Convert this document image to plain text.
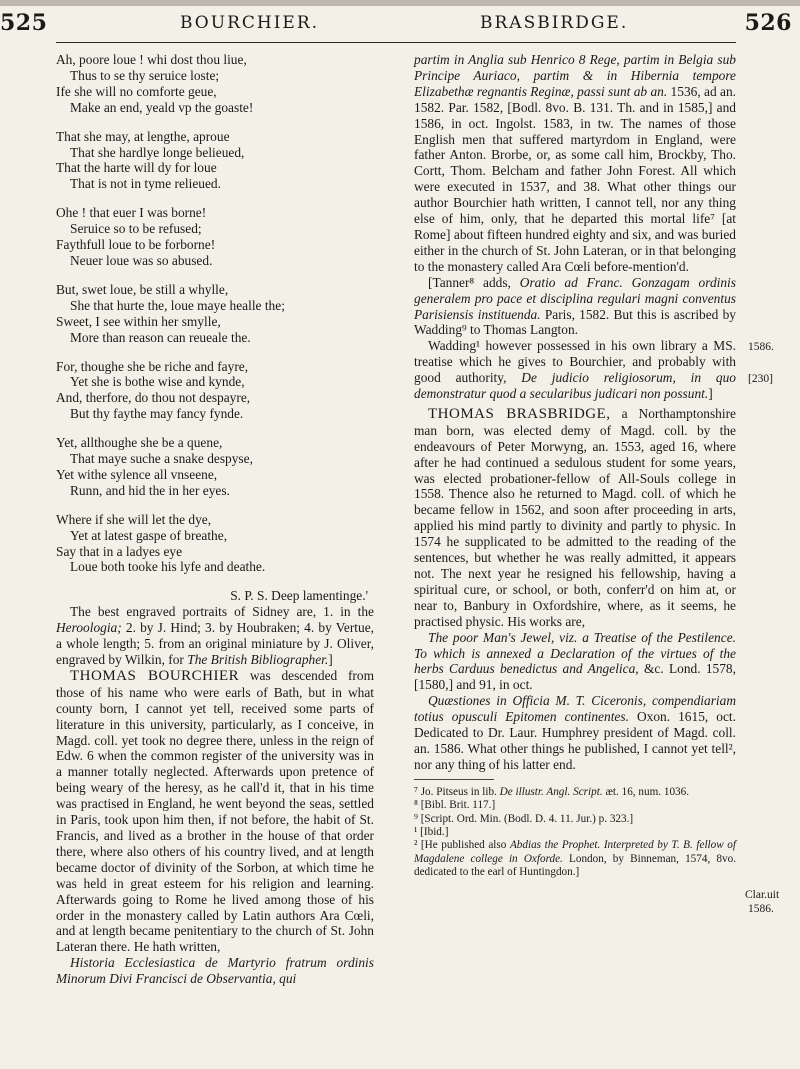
525	BOURCHIER.	BRASBIRDGE.	526

Ah, poore loue ! whi dost thou liue,

Thus to se thy seruice loste;

Ife she will no comforte geue,

Make an end, yeald vp the goaste!

That she may, at lengthe, aproue

That she hardlye longe belieued,

That the harte will dy for loue

That is not in tyme relieued.

Ohe ! that euer I was borne!

Seruice so to be refused;

Faythfull loue to be forborne!

Neuer loue was so abused.

But, swet loue, be still a whylle,

She that hurte the, loue maye healle the;

Sweet, I see within her smylle,

More than reason can reueale the.

For, thoughe she be riche and fayre,

Yet she is bothe wise and kynde,

And, therfore, do thou not despayre,

But thy faythe may fancy fynde.

Yet, allthoughe she be a quene,

That maye suche a snake despyse,

Yet withe sylence all vnseene,

Runn, and hid the in her eyes.

Where if she will let the dye,

Yet at latest gaspe of breathe,

Say that in a ladyes eye

Loue both tooke his lyfe and deathe.

S. P. S. Deep lamentinge.'

The best engraved portraits of Sidney are, 1. in the Heroologia; 2. by J. Hind; 3. by Houbraken; 4. by Vertue, a whole length; 5. from an original miniature by J. Oliver, engraved by Wilkin, for The British Bibliographer.]

THOMAS BOURCHIER was descended from those of his name who were earls of Bath, but in what county born, I cannot yet tell, received some parts of literature in this university, particularly, as I conceive, in Magd. coll. yet took no degree there, unless in the reign of Edw. 6 when the common register of the university was in a manner totally neglected. Afterwards upon pretence of being weary of the heresy, as he call'd it, that in his time was practised in England, he went beyond the seas, settled in Paris, took upon him then, if not before, the habit of St. Francis, and lived as a brother in the house of that order there, where also others of his country lived, and at length became doctor of divinity of the Sorbon, at which time he was held in great esteem for his religion and learning. Afterwards going to Rome he lived among those of his order in the monastery called by Latin authors Ara Cœli, and at length became penitentiary to the church of St. John Lateran there. He hath written,

Historia Ecclesiastica de Martyrio fratrum ordinis Minorum Divi Francisci de Observantia, qui

partim in Anglia sub Henrico 8 Rege, partim in Belgia sub Principe Auriaco, partim & in Hibernia tempore Elizabethæ regnantis Reginæ, passi sunt ab an. 1536, ad an. 1582. Par. 1582, [Bodl. 8vo. B. 131. Th. and in 1585,] and 1586, in oct. Ingolst. 1583, in tw. The names of those English men that suffered martyrdom in England, were father Anton. Brorbe, or, as some call him, Brockby, Tho. Cortt, Thom. Belcham and father John Forest. All which were executed in 1537, and 38. What other things our author Bourchier hath written, I cannot tell, nor any thing else of him, only, that he departed this mortal life⁷ [at Rome] about fifteen hundred eighty and six, and was buried either in the church of St. John Lateran, or in that belonging to the monastery called Ara Cœli before-mention'd.

[Tanner⁸ adds, Oratio ad Franc. Gonzagam ordinis generalem pro pace et disciplina regulari magni conventus Parisiensis instituenda. Paris, 1582. But this is ascribed by Wadding⁹ to Thomas Langton.

Wadding¹ however possessed in his own library a MS. treatise which he gives to Bourchier, and probably with good authority, De judicio religiosorum, in quo demonstratur quod a secularibus judicari non possunt.]

THOMAS BRASBRIDGE, a Northamptonshire man born, was elected demy of Magd. coll. by the endeavours of Peter Morwyng, an. 1553, aged 16, where after he had continued a sedulous student for some years, was elected probationer-fellow of All-Souls college in 1558. Thence also he returned to Magd. coll. of which he became fellow in 1562, and soon after proceeding in arts, applied his mind partly to divinity and partly to physic. In 1574 he supplicated to be admitted to the reading of the sentences, but whether he was really admitted, it appears not. The next year he resigned his fellowship, having a spiritual cure, or school, or both, conferr'd on him at, or near to, Banbury in Oxfordshire, where, as it seems, he practised physic. His works are,

The poor Man's Jewel, viz. a Treatise of the Pestilence. To which is annexed a Declaration of the virtues of the herbs Carduus benedictus and Angelica, &c. Lond. 1578, [1580,] and 91, in oct.

Quæstiones in Officia M. T. Ciceronis, compendiariam totius opusculi Epitomen continentes. Oxon. 1615, oct. Dedicated to Dr. Laur. Humphrey president of Magd. coll. an. 1586. What other things he published, I cannot yet tell², nor any thing of his latter end.

⁷ Jo. Pitseus in lib. De illustr. Angl. Script. æt. 16, num. 1036.

⁸ [Bibl. Brit. 117.]

⁹ [Script. Ord. Min. (Bodl. D. 4. 11. Jur.) p. 323.]

¹ [Ibid.]

² [He published also Abdias the Prophet. Interpreted by T. B. fellow of Magdalene college in Oxforde. London, by Binneman, 1574, 8vo. dedicated to the earl of Huntingdon.]

1586.
[230]
Clar.uit
1586.
